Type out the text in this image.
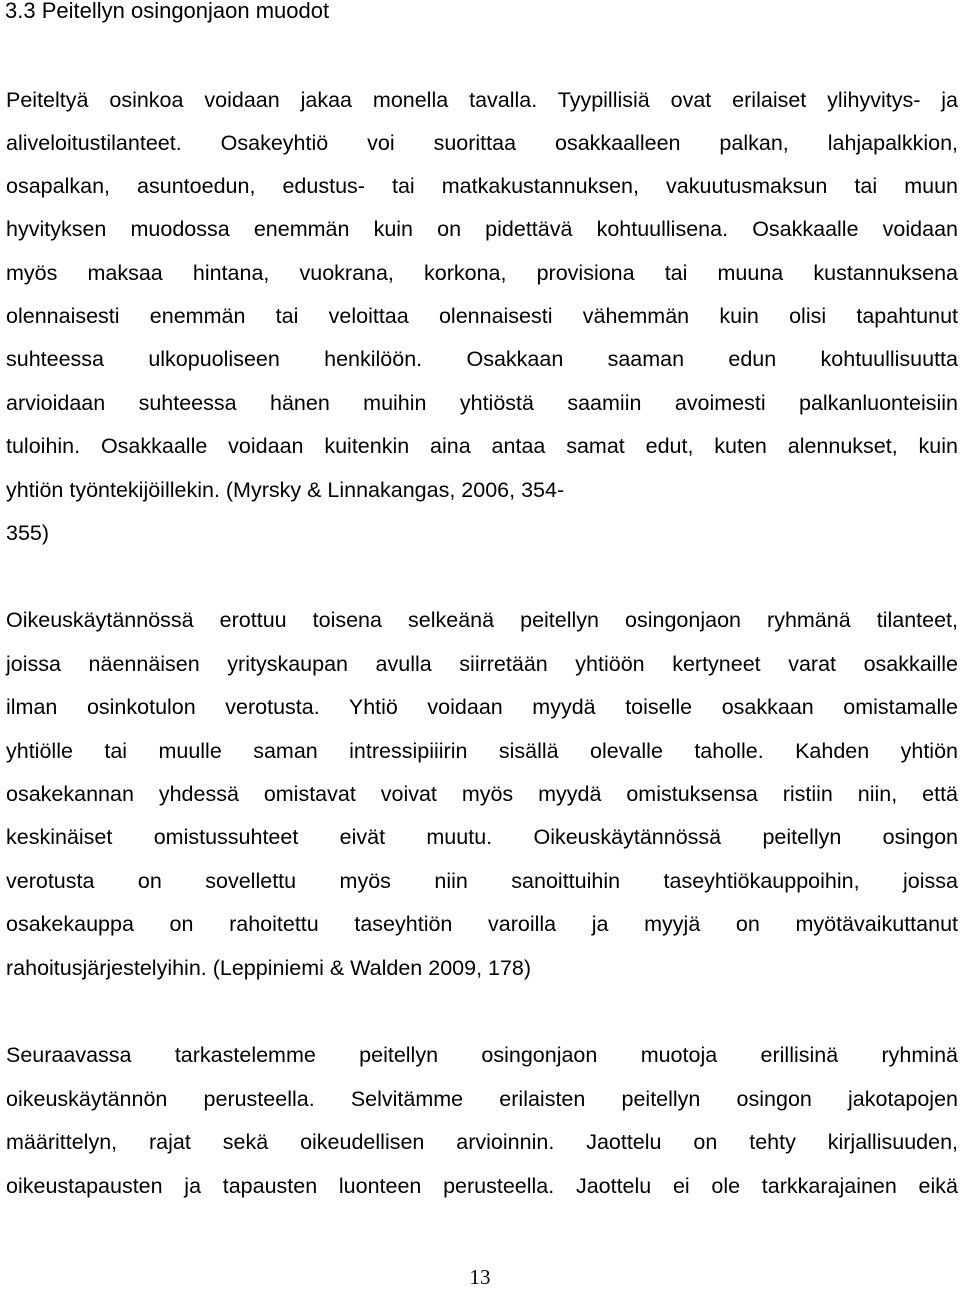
3.3 Peitellyn osingonjaon muodot

Peiteltyä osinkoa voidaan jakaa monella tavalla. Tyypillisiä ovat erilaiset ylihyvitys- ja

aliveloitustilanteet. Osakeyhtiö voi suorittaa osakkaalleen palkan, lahjapalkkion,

osapalkan, asuntoedun, edustus- tai matkakustannuksen, vakuutusmaksun tai muun

hyvityksen muodossa enemmän kuin on pidettävä kohtuullisena. Osakkaalle voidaan

myös maksaa hintana, vuokrana, korkona, provisiona tai muuna kustannuksena

olennaisesti enemmän tai veloittaa olennaisesti vähemmän kuin olisi tapahtunut

suhteessa ulkopuoliseen henkilöön. Osakkaan saaman edun kohtuullisuutta

arvioidaan suhteessa hänen muihin yhtiöstä saamiin avoimesti palkanluonteisiin

tuloihin. Osakkaalle voidaan kuitenkin aina antaa samat edut, kuten alennukset, kuin

yhtiön työntekijöillekin. (Myrsky & Linnakangas, 2006, 354-

355)

Oikeuskäytännössä erottuu toisena selkeänä peitellyn osingonjaon ryhmänä tilanteet,

joissa näennäisen yrityskaupan avulla siirretään yhtiöön kertyneet varat osakkaille

ilman osinkotulon verotusta. Yhtiö voidaan myydä toiselle osakkaan omistamalle

yhtiölle tai muulle saman intressipiiirin sisällä olevalle taholle. Kahden yhtiön

osakekannan yhdessä omistavat voivat myös myydä omistuksensa ristiin niin, että

keskinäiset omistussuhteet eivät muutu. Oikeuskäytännössä peitellyn osingon

verotusta on sovellettu myös niin sanoittuihin taseyhtiökauppoihin, joissa

osakekauppa on rahoitettu taseyhtiön varoilla ja myyjä on myötävaikuttanut

rahoitusjärjestelyihin. (Leppiniemi & Walden 2009, 178)

Seuraavassa tarkastelemme peitellyn osingonjaon muotoja erillisinä ryhminä

oikeuskäytännön perusteella. Selvitämme erilaisten peitellyn osingon jakotapojen

määrittelyn, rajat sekä oikeudellisen arvioinnin. Jaottelu on tehty kirjallisuuden,

oikeustapausten ja tapausten luonteen perusteella. Jaottelu ei ole tarkkarajainen eikä

13
